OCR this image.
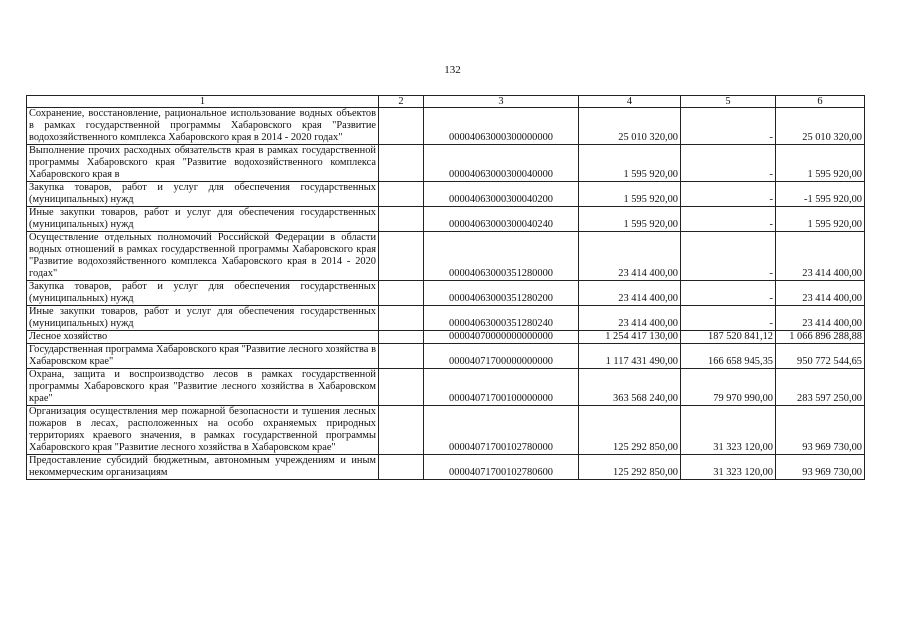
132
1	2	3	4	5	6
Сохранение, восстановление, рациональное использование водных объектов в рамках государственной программы Хабаровского края "Развитие водохозяйственного комплекса Хабаровского края в 2014 - 2020 годах"		00004063000300000000	25 010 320,00	-	25 010 320,00
Выполнение прочих расходных обязательств края в рамках государственной программы Хабаровского края "Развитие водохозяйственного комплекса Хабаровского края в		00004063000300040000	1 595 920,00	-	1 595 920,00
Закупка товаров, работ и услуг для обеспечения государственных (муниципальных) нужд		00004063000300040200	1 595 920,00	-	-1 595 920,00
Иные закупки товаров, работ и услуг для обеспечения государственных (муниципальных) нужд		00004063000300040240	1 595 920,00	-	1 595 920,00
Осуществление отдельных полномочий Российской Федерации в области водных отношений в рамках государственной программы Хабаровского края "Развитие водохозяйственного комплекса Хабаровского края в 2014 - 2020 годах"		00004063000351280000	23 414 400,00	-	23 414 400,00
Закупка товаров, работ и услуг для обеспечения государственных (муниципальных) нужд		00004063000351280200	23 414 400,00	-	23 414 400,00
Иные закупки товаров, работ и услуг для обеспечения государственных (муниципальных) нужд		00004063000351280240	23 414 400,00	-	23 414 400,00
Лесное хозяйство		00004070000000000000	1 254 417 130,00	187 520 841,12	1 066 896 288,88
Государственная программа Хабаровского края "Развитие лесного хозяйства в Хабаровском крае"		00004071700000000000	1 117 431 490,00	166 658 945,35	950 772 544,65
Охрана, защита и воспроизводство лесов в рамках государственной программы Хабаровского края "Развитие лесного хозяйства в Хабаровском крае"		00004071700100000000	363 568 240,00	79 970 990,00	283 597 250,00
Организация осуществления мер пожарной безопасности и тушения лесных пожаров в лесах, расположенных на особо охраняемых природных территориях краевого значения, в рамках государственной программы Хабаровского края "Развитие лесного хозяйства в Хабаровском крае"		00004071700102780000	125 292 850,00	31 323 120,00	93 969 730,00
Предоставление субсидий бюджетным, автономным учреждениям и иным некоммерческим организациям		00004071700102780600	125 292 850,00	31 323 120,00	93 969 730,00
